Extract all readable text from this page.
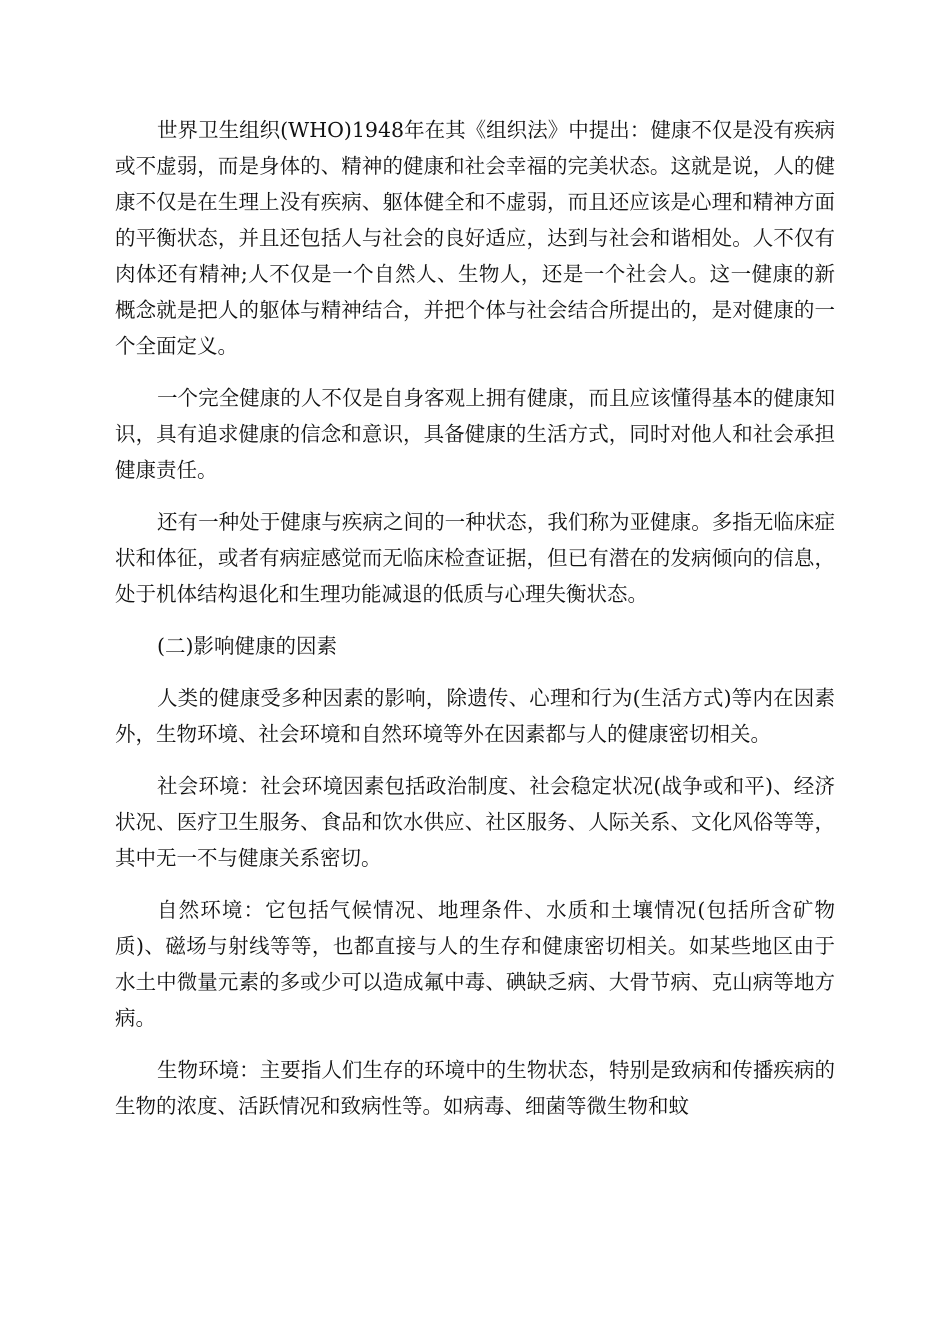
世界卫生组织(WHO)1948年在其《组织法》中提出：健康不仅是没有疾病或不虚弱，而是身体的、精神的健康和社会幸福的完美状态。这就是说，人的健康不仅是在生理上没有疾病、躯体健全和不虚弱，而且还应该是心理和精神方面的平衡状态，并且还包括人与社会的良好适应，达到与社会和谐相处。人不仅有肉体还有精神;人不仅是一个自然人、生物人，还是一个社会人。这一健康的新概念就是把人的躯体与精神结合，并把个体与社会结合所提出的，是对健康的一个全面定义。

一个完全健康的人不仅是自身客观上拥有健康，而且应该懂得基本的健康知识，具有追求健康的信念和意识，具备健康的生活方式，同时对他人和社会承担健康责任。

还有一种处于健康与疾病之间的一种状态，我们称为亚健康。多指无临床症状和体征，或者有病症感觉而无临床检查证据，但已有潜在的发病倾向的信息，处于机体结构退化和生理功能减退的低质与心理失衡状态。

(二)影响健康的因素

人类的健康受多种因素的影响，除遗传、心理和行为(生活方式)等内在因素外，生物环境、社会环境和自然环境等外在因素都与人的健康密切相关。

社会环境：社会环境因素包括政治制度、社会稳定状况(战争或和平)、经济状况、医疗卫生服务、食品和饮水供应、社区服务、人际关系、文化风俗等等，其中无一不与健康关系密切。

自然环境：它包括气候情况、地理条件、水质和土壤情况(包括所含矿物质)、磁场与射线等等，也都直接与人的生存和健康密切相关。如某些地区由于水土中微量元素的多或少可以造成氟中毒、碘缺乏病、大骨节病、克山病等地方病。

生物环境：主要指人们生存的环境中的生物状态，特别是致病和传播疾病的生物的浓度、活跃情况和致病性等。如病毒、细菌等微生物和蚊
